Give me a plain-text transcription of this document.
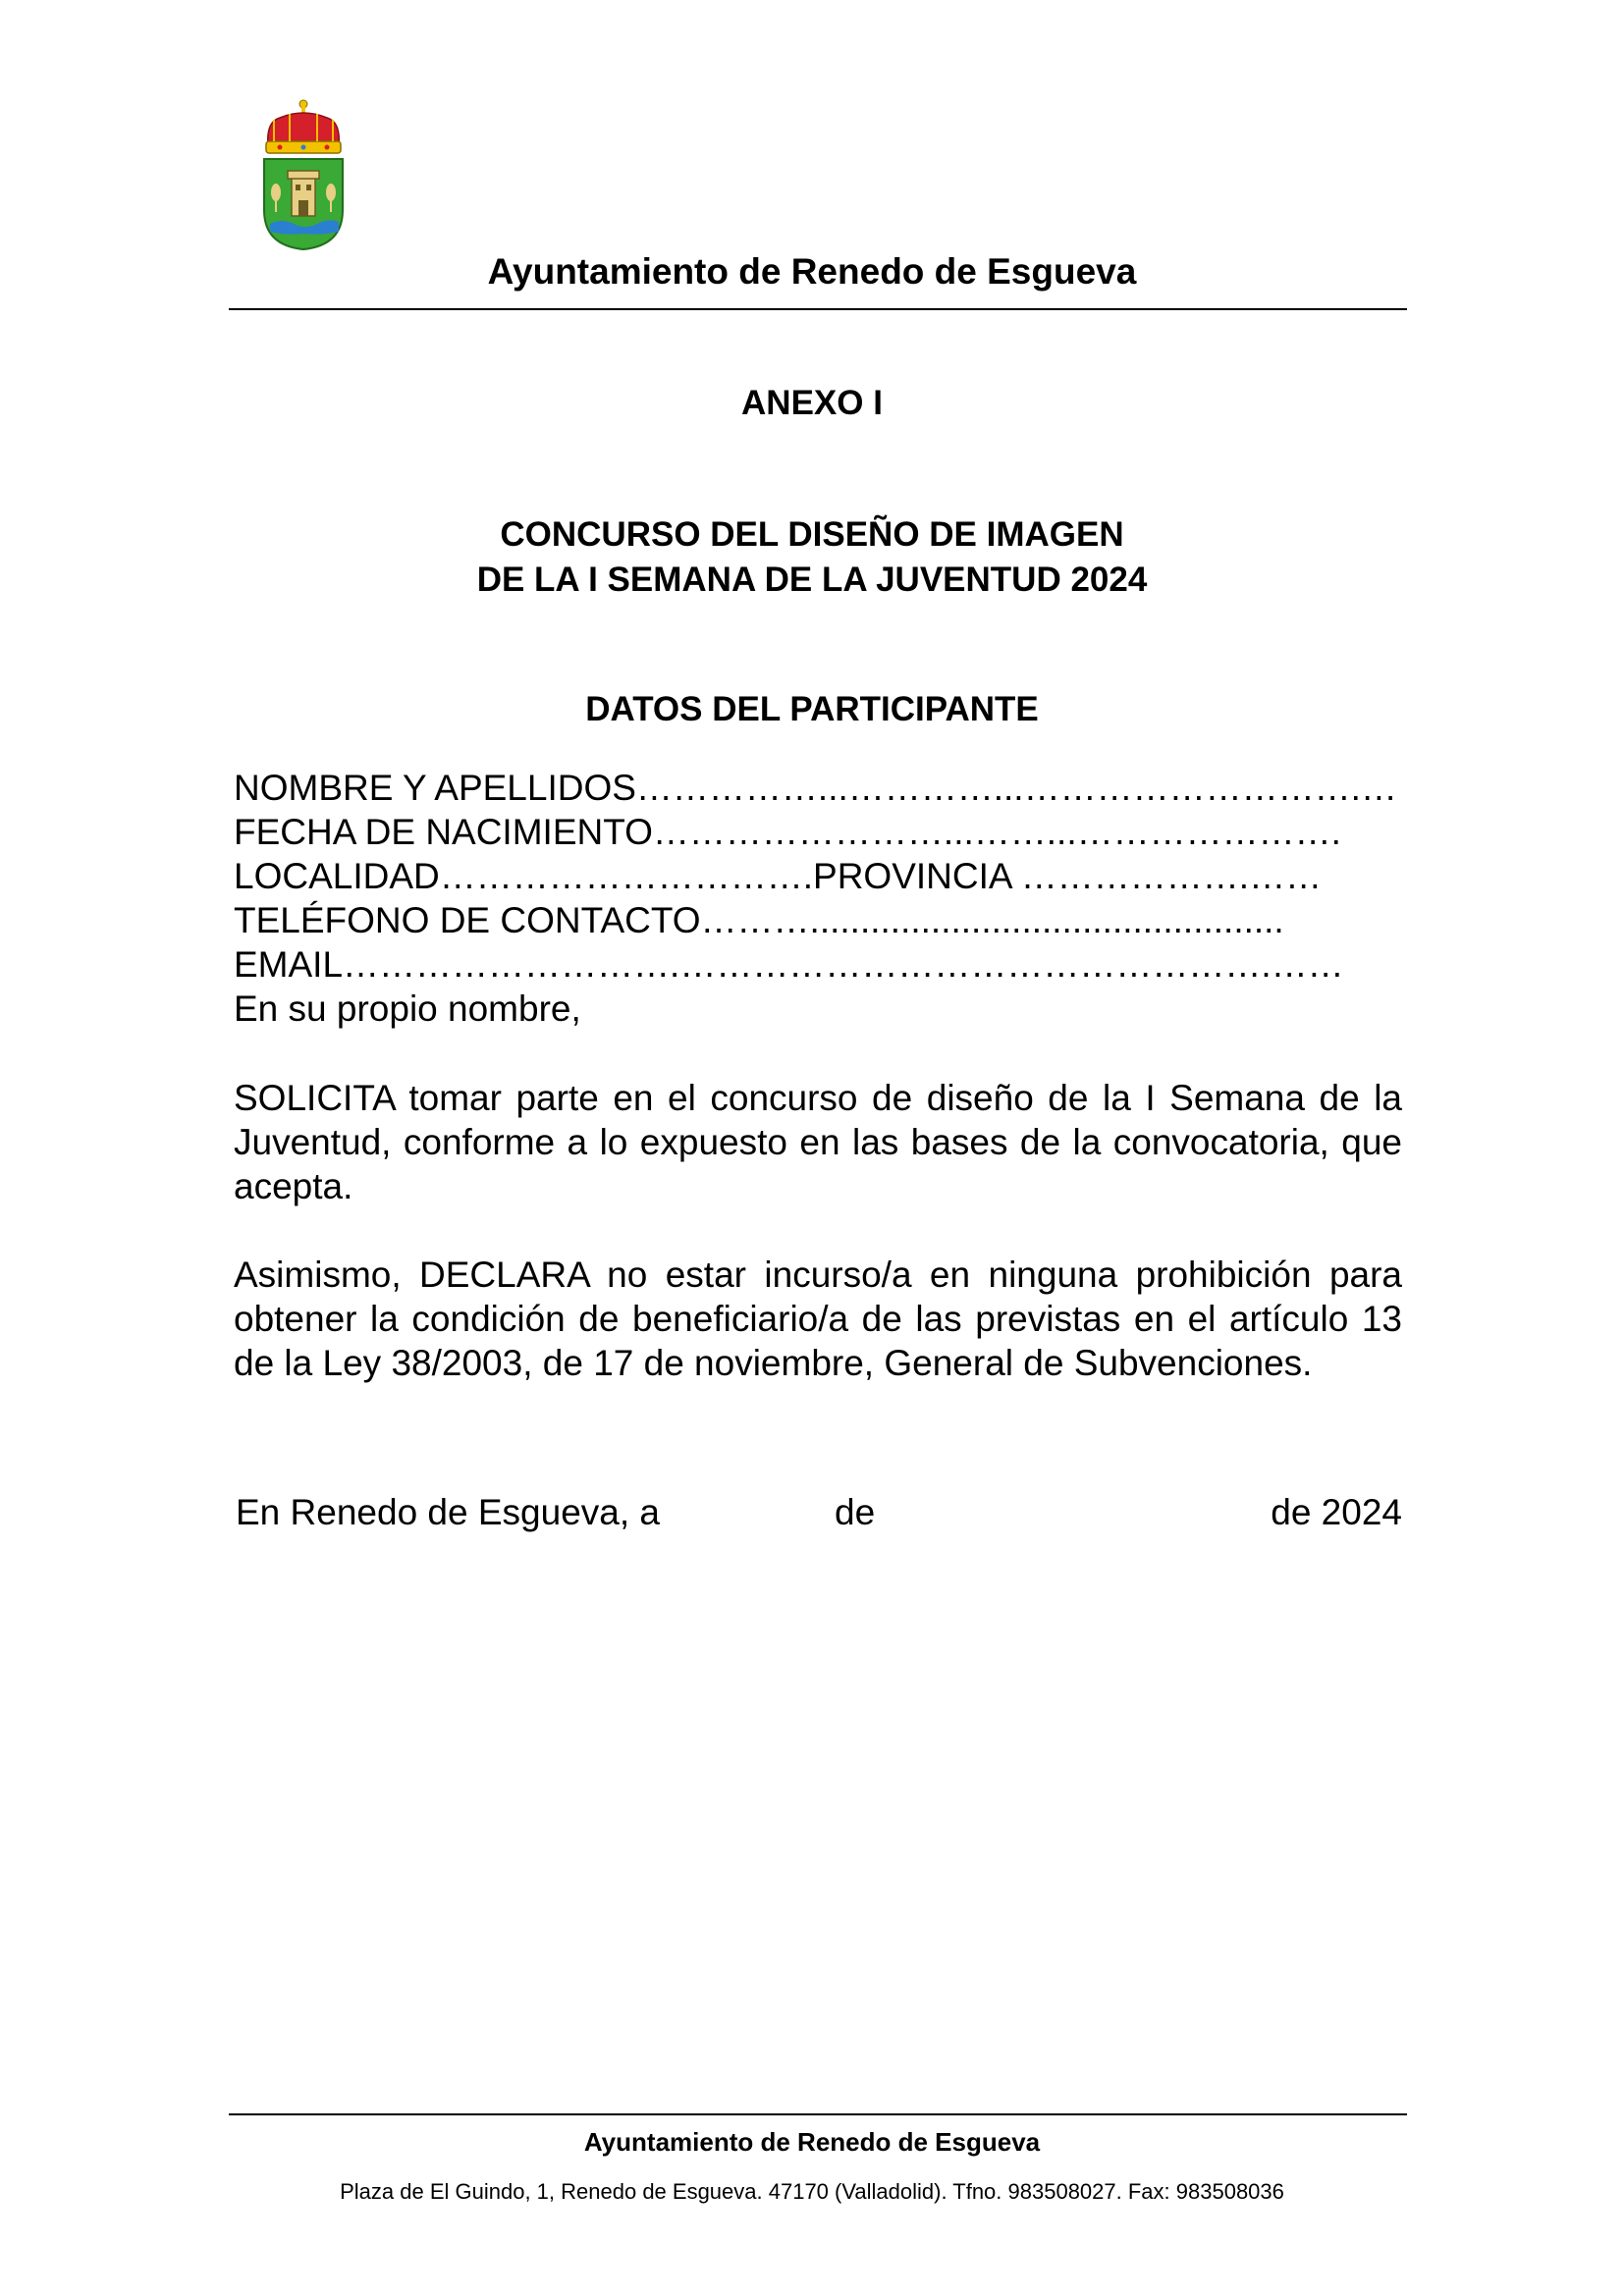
Ayuntamiento de Renedo de Esgueva
ANEXO I
CONCURSO DEL DISEÑO DE IMAGEN
DE LA I SEMANA DE LA JUVENTUD 2024
DATOS DEL PARTICIPANTE
NOMBRE Y APELLIDOS……………...…………...……………………….…
FECHA DE NACIMIENTO……………………...……...………………….
LOCALIDAD………………………….PROVINCIA ……………….……
TELÉFONO DE CONTACTO………...............................................
EMAIL……………………….………………………………………….……
En su propio nombre,
SOLICITA tomar parte en el concurso de diseño de la I Semana de la Juventud, conforme a lo expuesto en las bases de la convocatoria, que acepta.
Asimismo, DECLARA no estar incurso/a en ninguna prohibición para obtener la condición de beneficiario/a de las previstas en el artículo 13 de la Ley 38/2003, de 17 de noviembre, General de Subvenciones.
En Renedo de Esgueva, a	de	de 2024
Ayuntamiento de Renedo de Esgueva
Plaza de El Guindo, 1, Renedo de Esgueva. 47170 (Valladolid). Tfno. 983508027. Fax: 983508036
